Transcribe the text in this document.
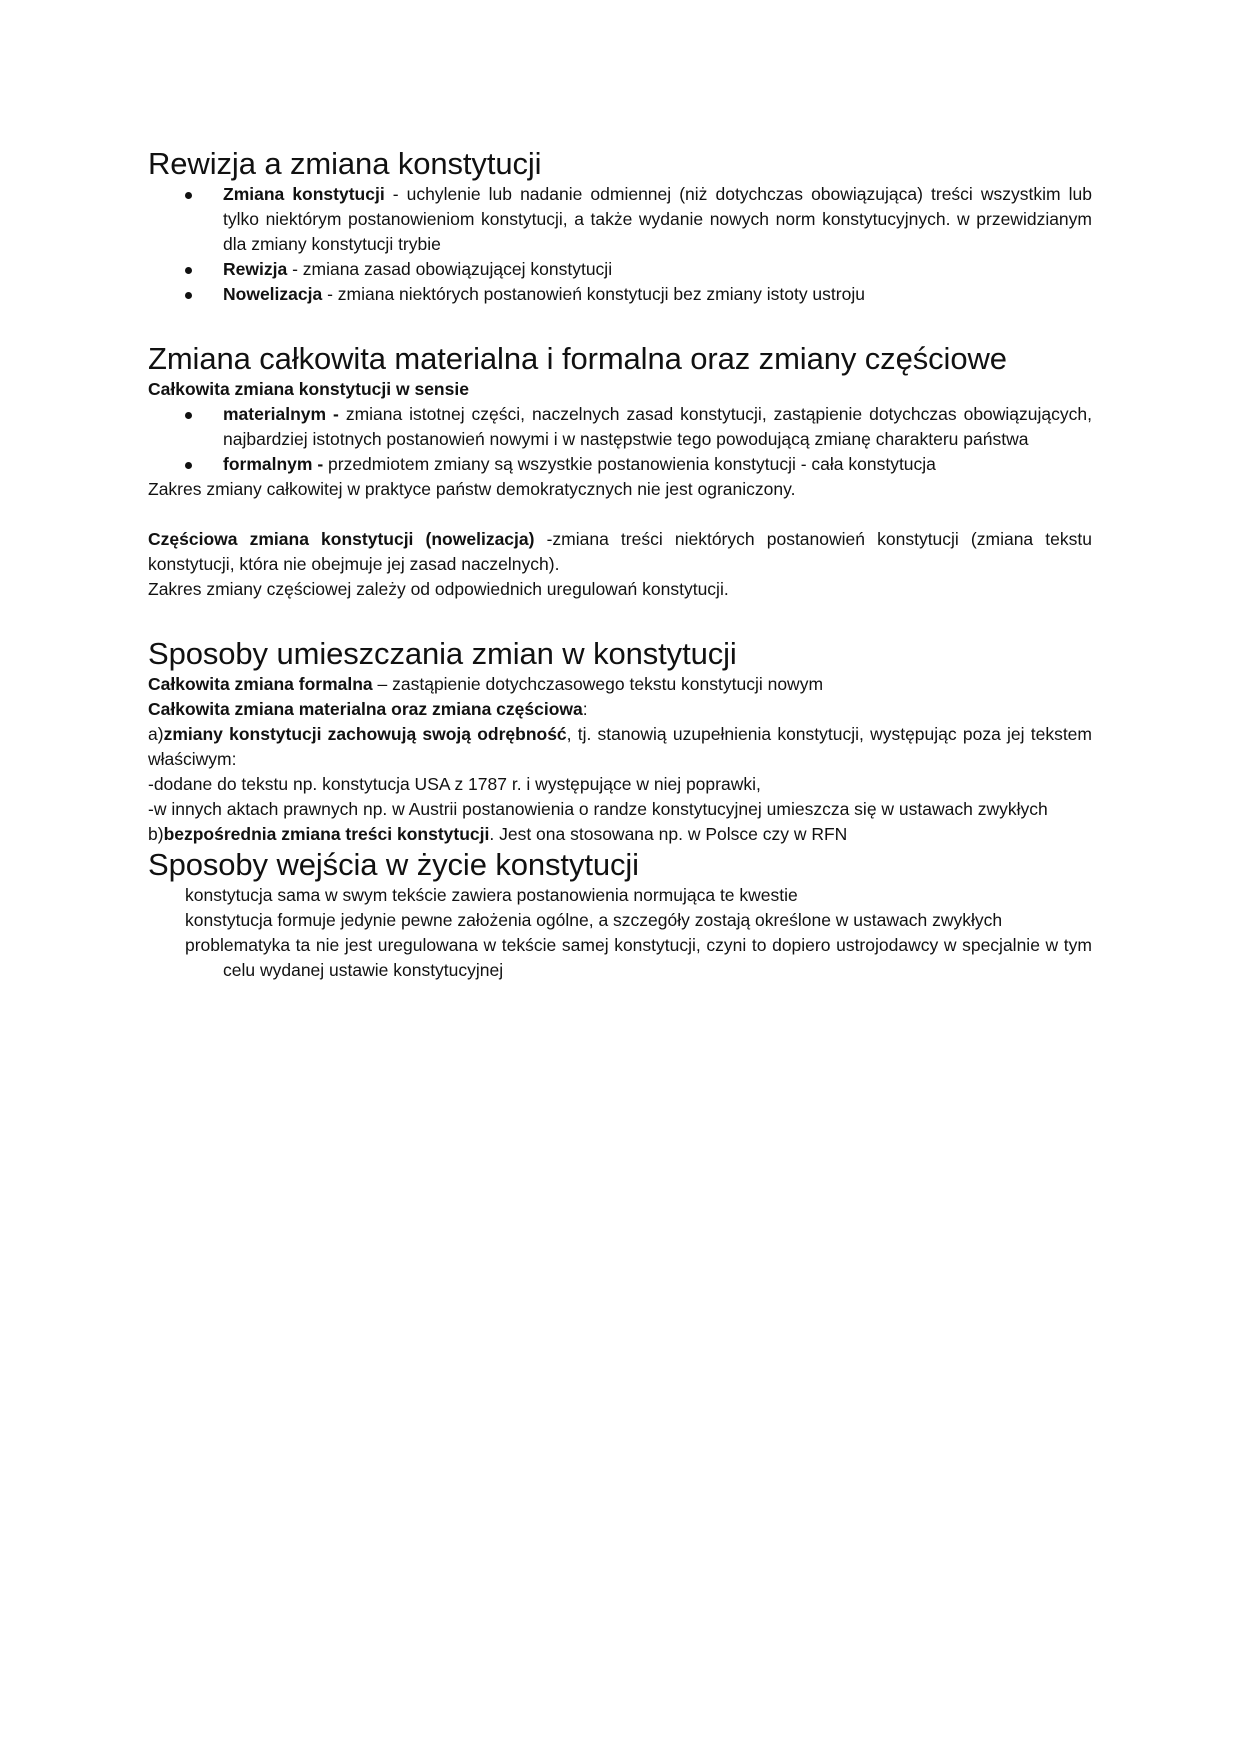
Rewizja a zmiana konstytucji
Zmiana konstytucji - uchylenie lub nadanie odmiennej (niż dotychczas obowiązująca) treści wszystkim lub tylko niektórym postanowieniom konstytucji, a także wydanie nowych norm konstytucyjnych. w przewidzianym dla zmiany konstytucji trybie
Rewizja - zmiana zasad obowiązującej konstytucji
Nowelizacja - zmiana niektórych postanowień konstytucji bez zmiany istoty ustroju
Zmiana całkowita materialna i formalna oraz zmiany częściowe

Całkowita zmiana konstytucji w sensie

materialnym - zmiana istotnej części, naczelnych zasad konstytucji, zastąpienie dotychczas obowiązujących, najbardziej istotnych postanowień nowymi i w następstwie tego powodującą zmianę charakteru państwa
formalnym - przedmiotem zmiany są wszystkie postanowienia konstytucji - cała konstytucja

Zakres zmiany całkowitej w praktyce państw demokratycznych nie jest ograniczony.

Częściowa zmiana konstytucji (nowelizacja) -zmiana treści niektórych postanowień konstytucji (zmiana tekstu konstytucji, która nie obejmuje jej zasad naczelnych).

Zakres zmiany częściowej zależy od odpowiednich uregulowań konstytucji.

Sposoby umieszczania zmian w konstytucji

Całkowita zmiana formalna – zastąpienie dotychczasowego tekstu konstytucji nowym

Całkowita zmiana materialna oraz zmiana częściowa:

a)zmiany konstytucji zachowują swoją odrębność, tj. stanowią uzupełnienia konstytucji, występując poza jej tekstem właściwym:

-dodane do tekstu np. konstytucja USA z 1787 r. i występujące w niej poprawki,

-w innych aktach prawnych np. w Austrii postanowienia o randze konstytucyjnej umieszcza się w ustawach zwykłych

b)bezpośrednia zmiana treści konstytucji. Jest ona stosowana np. w Polsce czy w RFN

Sposoby wejścia w życie konstytucji
konstytucja sama w swym tekście zawiera postanowienia normująca te kwestie
konstytucja formuje jedynie pewne założenia ogólne, a szczegóły zostają określone w ustawach zwykłych
problematyka ta nie jest uregulowana w tekście samej konstytucji, czyni to dopiero ustrojodawcy w specjalnie w tym celu wydanej ustawie konstytucyjnej
